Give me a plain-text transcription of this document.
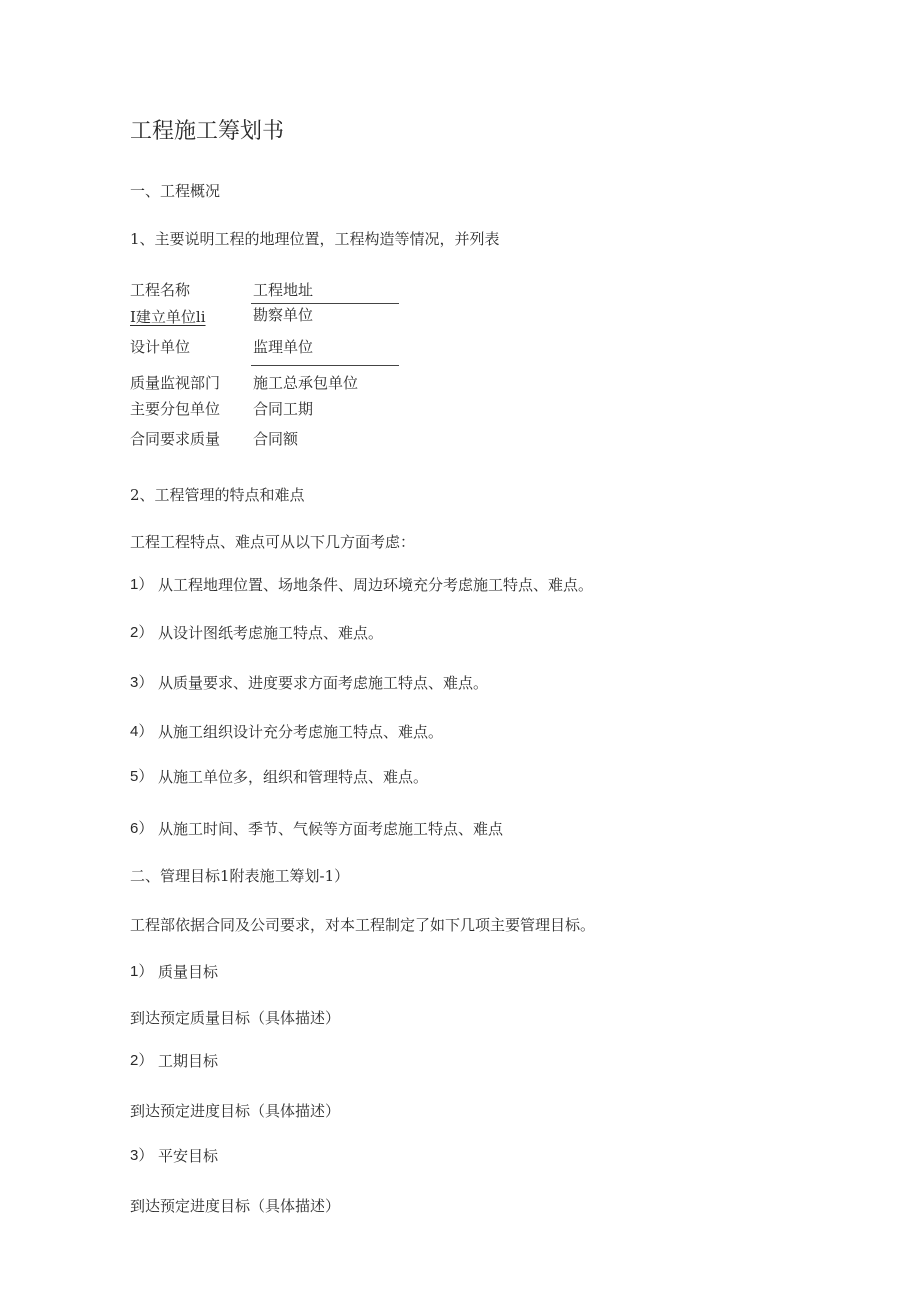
工程施工筹划书
一、工程概况
1、主要说明工程的地理位置，工程构造等情况，并列表
工程名称	工程地址
I建立单位li	勘察单位
设计单位	监理单位
质量监视部门 施工总承包单位
主要分包单位 合同工期
合同要求质量 合同额
2、工程管理的特点和难点
工程工程特点、难点可从以下几方面考虑：
1） 从工程地理位置、场地条件、周边环境充分考虑施工特点、难点。
2） 从设计图纸考虑施工特点、难点。
3） 从质量要求、进度要求方面考虑施工特点、难点。
4） 从施工组织设计充分考虑施工特点、难点。
5） 从施工单位多，组织和管理特点、难点。
6） 从施工时间、季节、气候等方面考虑施工特点、难点
二、管理目标1附表施工筹划-1）
工程部依据合同及公司要求，对本工程制定了如下几项主要管理目标。
1） 质量目标
到达预定质量目标（具体描述）
2） 工期目标
到达预定进度目标（具体描述）
3） 平安目标
到达预定进度目标（具体描述）
